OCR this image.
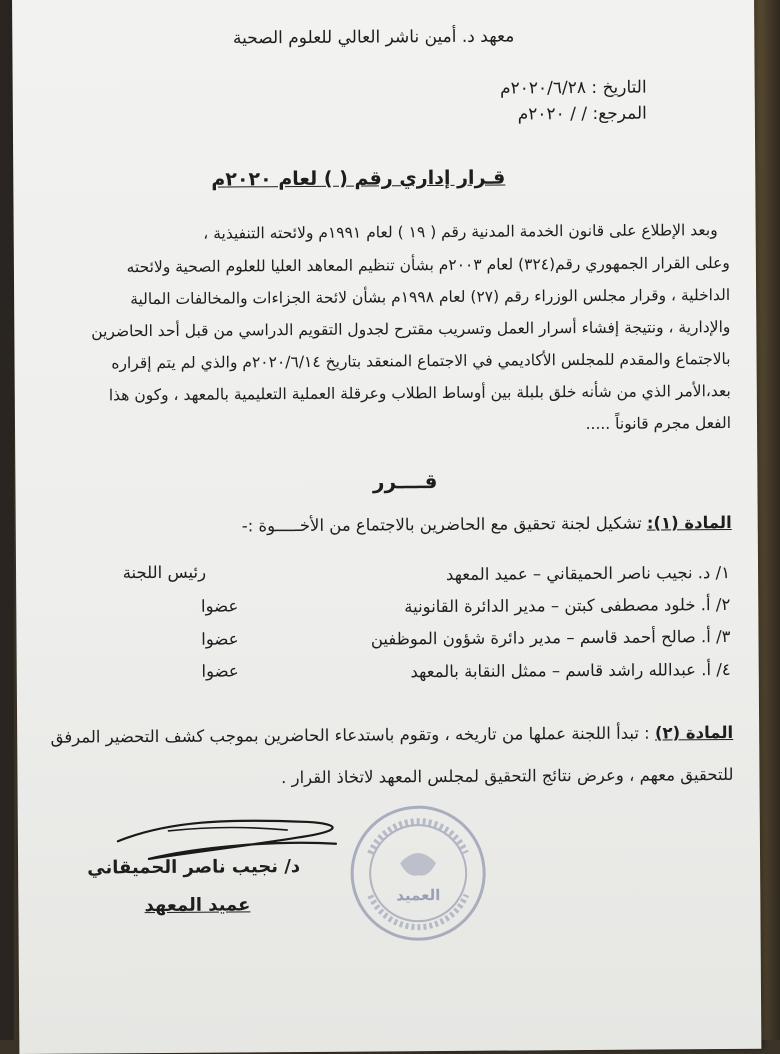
معهد د. أمين ناشر العالي للعلوم الصحية
التاريخ : ٢٠٢٠/٦/٢٨م
المرجع: / / ٢٠٢٠م
قـرار إداري رقم ( ) لعام ٢٠٢٠م
وبعد الإطلاع على قانون الخدمة المدنية رقم ( ١٩ ) لعام ١٩٩١م ولائحته التنفيذية ،
وعلى القرار الجمهوري رقم(٣٢٤) لعام ٢٠٠٣م بشأن تنظيم المعاهد العليا للعلوم الصحية ولائحته
الداخلية ، وقرار مجلس الوزراء رقم (٢٧) لعام ١٩٩٨م بشأن لائحة الجزاءات والمخالفات المالية
والإدارية ، ونتيجة إفشاء أسرار العمل وتسريب مقترح لجدول التقويم الدراسي من قبل أحد الحاضرين
بالاجتماع والمقدم للمجلس الأكاديمي في الاجتماع المنعقد بتاريخ ٢٠٢٠/٦/١٤م والذي لم يتم إقراره
بعد،الأمر الذي من شأنه خلق بلبلة بين أوساط الطلاب وعرقلة العملية التعليمية بالمعهد ، وكون هذا
الفعل مجرم قانوناً .....
قــــرر
المادة (١): تشكيل لجنة تحقيق مع الحاضرين بالاجتماع من الأخـــــوة :-
١/ د. نجيب ناصر الحميقاني – عميد المعهد
رئيس اللجنة
٢/ أ. خلود مصطفى كبتن – مدير الدائرة القانونية
عضوا
٣/ أ. صالح أحمد قاسم – مدير دائرة شؤون الموظفين
عضوا
٤/ أ. عبدالله راشد قاسم – ممثل النقابة بالمعهد
عضوا
المادة (٢) : تبدأ اللجنة عملها من تاريخه ، وتقوم باستدعاء الحاضرين بموجب كشف التحضير المرفق
للتحقيق معهم ، وعرض نتائج التحقيق لمجلس المعهد لاتخاذ القرار .
العميد
د/ نجيب ناصر الحميقاني
عميد المعهد
